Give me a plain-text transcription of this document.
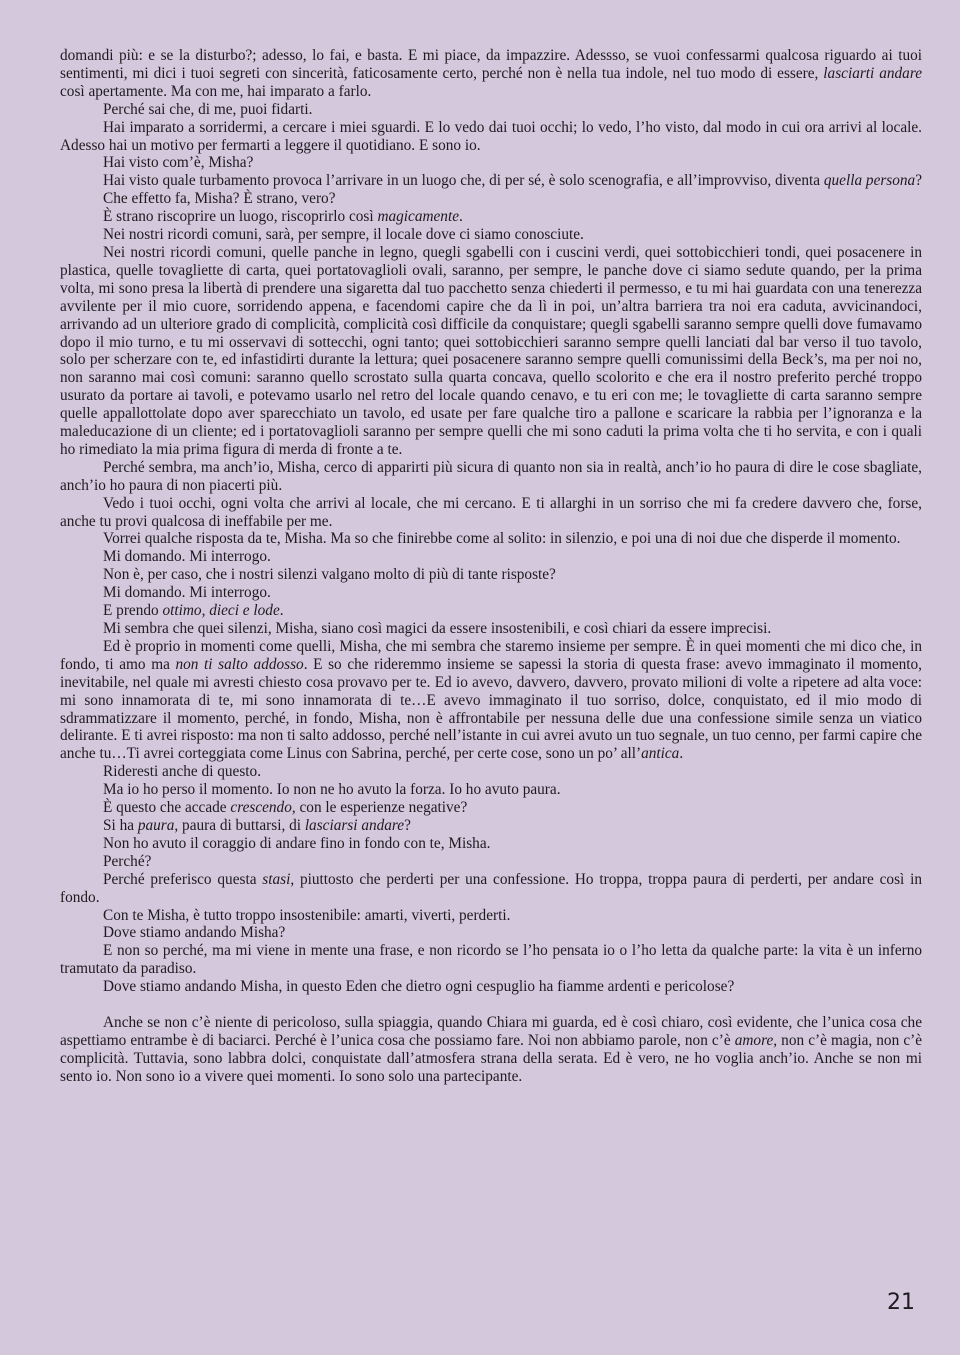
domandi più: e se la disturbo?; adesso, lo fai, e basta. E mi piace, da impazzire. Adessso, se vuoi confessarmi qualcosa riguardo ai tuoi sentimenti, mi dici i tuoi segreti con sincerità, faticosamente certo, perché non è nella tua indole, nel tuo modo di essere, lasciarti andare così apertamente. Ma con me, hai imparato a farlo.

Perché sai che, di me, puoi fidarti.

Hai imparato a sorridermi, a cercare i miei sguardi. E lo vedo dai tuoi occhi; lo vedo, l’ho visto, dal modo in cui ora arrivi al locale. Adesso hai un motivo per fermarti a leggere il quotidiano. E sono io.

Hai visto com’è, Misha?

Hai visto quale turbamento provoca l’arrivare in un luogo che, di per sé, è solo scenografia, e all’improvviso, diventa quella persona?

Che effetto fa, Misha? È strano, vero?

È strano riscoprire un luogo, riscoprirlo così magicamente.

Nei nostri ricordi comuni, sarà, per sempre, il locale dove ci siamo conosciute.

Nei nostri ricordi comuni, quelle panche in legno, quegli sgabelli con i cuscini verdi, quei sottobicchieri tondi, quei posacenere in plastica, quelle tovagliette di carta, quei portatovaglioli ovali, saranno, per sempre, le panche dove ci siamo sedute quando, per la prima volta, mi sono presa la libertà di prendere una sigaretta dal tuo pacchetto senza chiederti il permesso, e tu mi hai guardata con una tenerezza avvilente per il mio cuore, sorridendo appena, e facendomi capire che da lì in poi, un’altra barriera tra noi era caduta, avvicinandoci, arrivando ad un ulteriore grado di complicità, complicità così difficile da conquistare; quegli sgabelli saranno sempre quelli dove fumavamo dopo il mio turno, e tu mi osservavi di sottecchi, ogni tanto; quei sottobicchieri saranno sempre quelli lanciati dal bar verso il tuo tavolo, solo per scherzare con te, ed infastidirti durante la lettura; quei posacenere saranno sempre quelli comunissimi della Beck’s, ma per noi no, non saranno mai così comuni: saranno quello scrostato sulla quarta concava, quello scolorito e che era il nostro preferito perché troppo usurato da portare ai tavoli, e potevamo usarlo nel retro del locale quando cenavo, e tu eri con me; le tovagliette di carta saranno sempre quelle appallottolate dopo aver sparecchiato un tavolo, ed usate per fare qualche tiro a pallone e scaricare la rabbia per l’ignoranza e la maleducazione di un cliente; ed i portatovaglioli saranno per sempre quelli che mi sono caduti la prima volta che ti ho servita, e con i quali ho rimediato la mia prima figura di merda di fronte a te.

Perché sembra, ma anch’io, Misha, cerco di apparirti più sicura di quanto non sia in realtà, anch’io ho paura di dire le cose sbagliate, anch’io ho paura di non piacerti più.

Vedo i tuoi occhi, ogni volta che arrivi al locale, che mi cercano. E ti allarghi in un sorriso che mi fa credere davvero che, forse, anche tu provi qualcosa di ineffabile per me.

Vorrei qualche risposta da te, Misha. Ma so che finirebbe come al solito: in silenzio, e poi una di noi due che disperde il momento.

Mi domando. Mi interrogo.

Non è, per caso, che i nostri silenzi valgano molto di più di tante risposte?

Mi domando. Mi interrogo.

E prendo ottimo, dieci e lode.

Mi sembra che quei silenzi, Misha, siano così magici da essere insostenibili, e così chiari da essere imprecisi.

Ed è proprio in momenti come quelli, Misha, che mi sembra che staremo insieme per sempre. È in quei momenti che mi dico che, in fondo, ti amo ma non ti salto addosso. E so che rideremmo insieme se sapessi la storia di questa frase: avevo immaginato il momento, inevitabile, nel quale mi avresti chiesto cosa provavo per te. Ed io avevo, davvero, davvero, provato milioni di volte a ripetere ad alta voce: mi sono innamorata di te, mi sono innamorata di te…E avevo immaginato il tuo sorriso, dolce, conquistato, ed il mio modo di sdrammatizzare il momento, perché, in fondo, Misha, non è affrontabile per nessuna delle due una confessione simile senza un viatico delirante. E ti avrei risposto: ma non ti salto addosso, perché nell’istante in cui avrei avuto un tuo segnale, un tuo cenno, per farmi capire che anche tu…Ti avrei corteggiata come Linus con Sabrina, perché, per certe cose, sono un po’ all’antica.

Rideresti anche di questo.

Ma io ho perso il momento. Io non ne ho avuto la forza. Io ho avuto paura.

È questo che accade crescendo, con le esperienze negative?

Si ha paura, paura di buttarsi, di lasciarsi andare?

Non ho avuto il coraggio di andare fino in fondo con te, Misha.

Perché?

Perché preferisco questa stasi, piuttosto che perderti per una confessione. Ho troppa, troppa paura di perderti, per andare così in fondo.

Con te Misha, è tutto troppo insostenibile: amarti, viverti, perderti.

Dove stiamo andando Misha?

E non so perché, ma mi viene in mente una frase, e non ricordo se l’ho pensata io o l’ho letta da qualche parte: la vita è un inferno tramutato da paradiso.

Dove stiamo andando Misha, in questo Eden che dietro ogni cespuglio ha fiamme ardenti e pericolose?

Anche se non c’è niente di pericoloso, sulla spiaggia, quando Chiara mi guarda, ed è così chiaro, così evidente, che l’unica cosa che aspettiamo entrambe è di baciarci. Perché è l’unica cosa che possiamo fare. Noi non abbiamo parole, non c’è amore, non c’è magia, non c’è complicità. Tuttavia, sono labbra dolci, conquistate dall’atmosfera strana della serata. Ed è vero, ne ho voglia anch’io. Anche se non mi sento io. Non sono io a vivere quei momenti. Io sono solo una partecipante.

21
